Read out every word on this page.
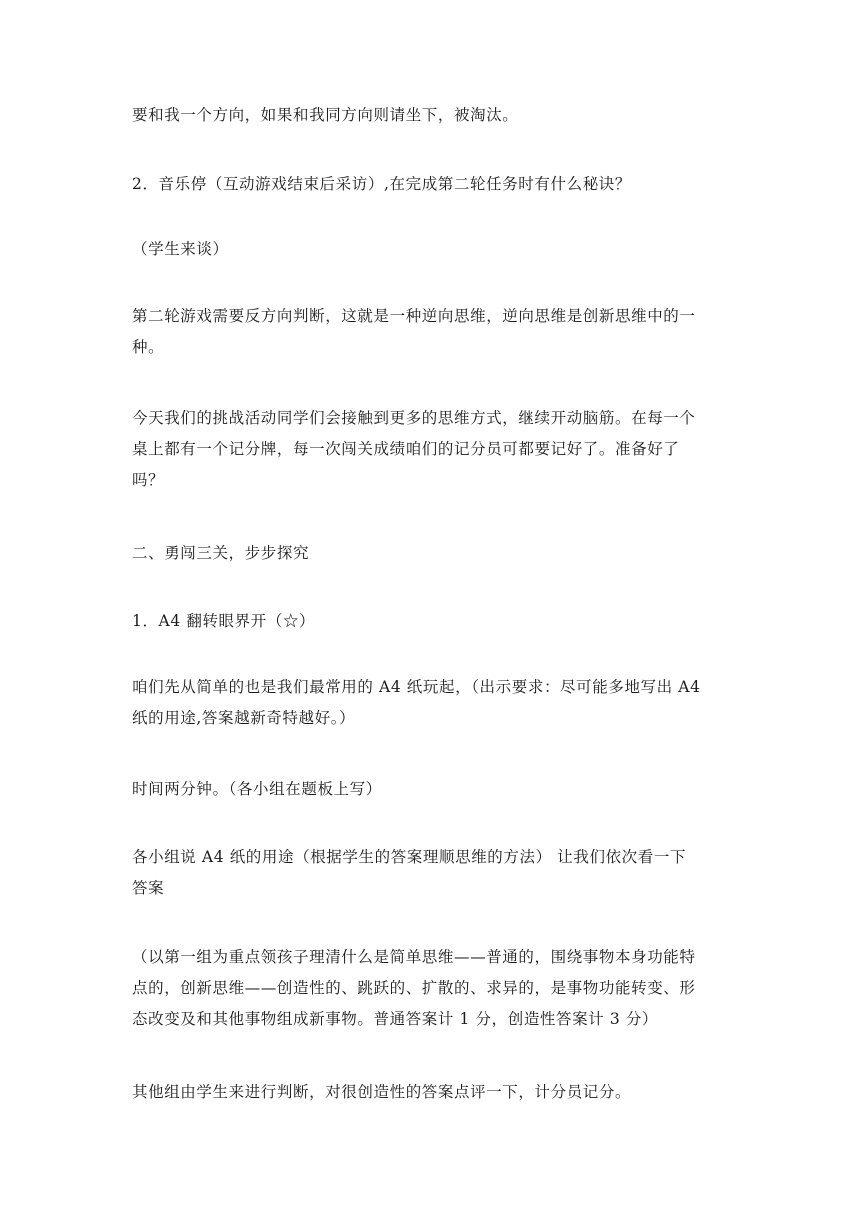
要和我一个方向，如果和我同方向则请坐下，被淘汰。

2．音乐停（互动游戏结束后采访）,在完成第二轮任务时有什么秘诀？

（学生来谈）

第二轮游戏需要反方向判断，这就是一种逆向思维，逆向思维是创新思维中的一
种。

今天我们的挑战活动同学们会接触到更多的思维方式，继续开动脑筋。在每一个
桌上都有一个记分牌，每一次闯关成绩咱们的记分员可都要记好了。准备好了
吗？

二、勇闯三关，步步探究

1．A4 翻转眼界开（☆）

咱们先从简单的也是我们最常用的 A4 纸玩起，（出示要求：尽可能多地写出 A4
纸的用途,答案越新奇特越好。）

时间两分钟。（各小组在题板上写）

各小组说 A4 纸的用途（根据学生的答案理顺思维的方法） 让我们依次看一下
答案

（以第一组为重点领孩子理清什么是简单思维——普通的，围绕事物本身功能特
点的，创新思维——创造性的、跳跃的、扩散的、求异的，是事物功能转变、形
态改变及和其他事物组成新事物。普通答案计 1 分，创造性答案计 3 分）

其他组由学生来进行判断，对很创造性的答案点评一下，计分员记分。
